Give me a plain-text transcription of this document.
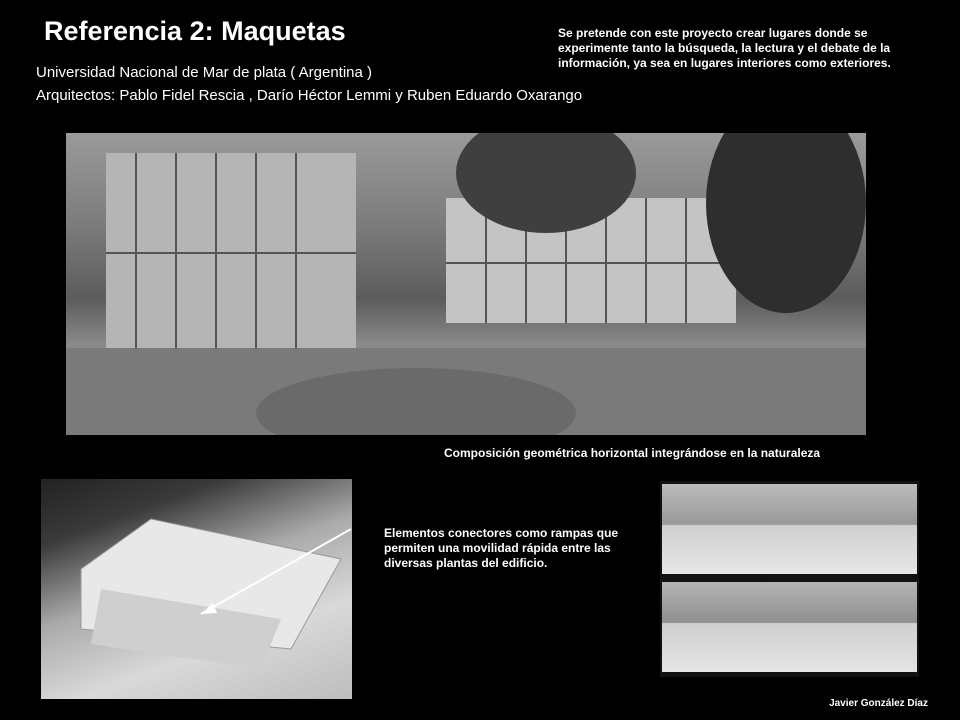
Referencia 2: Maquetas
Universidad Nacional de Mar de plata ( Argentina )
Arquitectos: Pablo Fidel Rescia , Darío Héctor Lemmi y Ruben Eduardo Oxarango
Se pretende con este proyecto crear lugares donde se experimente tanto la búsqueda, la lectura y el debate de la información, ya sea en lugares interiores como exteriores.
Composición geométrica horizontal integrándose en la naturaleza
Elementos conectores como rampas que permiten una movilidad rápida entre las diversas plantas del edificio.
Javier González Díaz
